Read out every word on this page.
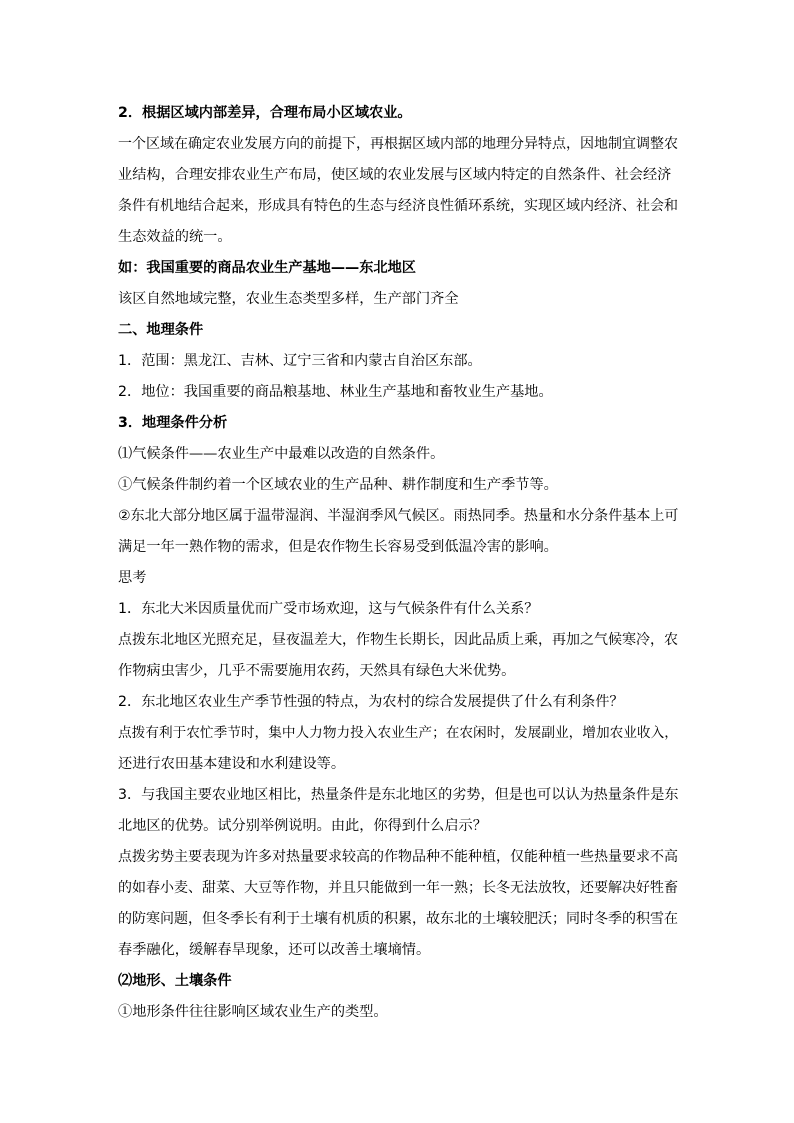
2．根据区域内部差异，合理布局小区域农业。
一个区域在确定农业发展方向的前提下，再根据区域内部的地理分异特点，因地制宜调整农
业结构，合理安排农业生产布局，使区域的农业发展与区域内特定的自然条件、社会经济
条件有机地结合起来，形成具有特色的生态与经济良性循环系统，实现区域内经济、社会和
生态效益的统一。
如：我国重要的商品农业生产基地——东北地区
该区自然地域完整，农业生态类型多样，生产部门齐全
二、地理条件
1．范围：黑龙江、吉林、辽宁三省和内蒙古自治区东部。
2．地位：我国重要的商品粮基地、林业生产基地和畜牧业生产基地。
3．地理条件分析
⑴气候条件——农业生产中最难以改造的自然条件。
①气候条件制约着一个区域农业的生产品种、耕作制度和生产季节等。
②东北大部分地区属于温带湿润、半湿润季风气候区。雨热同季。热量和水分条件基本上可
满足一年一熟作物的需求，但是农作物生长容易受到低温冷害的影响。
思考
1．东北大米因质量优而广受市场欢迎，这与气候条件有什么关系？
点拨东北地区光照充足，昼夜温差大，作物生长期长，因此品质上乘，再加之气候寒冷，农
作物病虫害少，几乎不需要施用农药，天然具有绿色大米优势。
2．东北地区农业生产季节性强的特点，为农村的综合发展提供了什么有利条件？
点拨有利于农忙季节时，集中人力物力投入农业生产；在农闲时，发展副业，增加农业收入，
还进行农田基本建设和水利建设等。
3．与我国主要农业地区相比，热量条件是东北地区的劣势，但是也可以认为热量条件是东
北地区的优势。试分别举例说明。由此，你得到什么启示？
点拨劣势主要表现为许多对热量要求较高的作物品种不能种植，仅能种植一些热量要求不高
的如春小麦、甜菜、大豆等作物，并且只能做到一年一熟；长冬无法放牧，还要解决好牲畜
的防寒问题，但冬季长有利于土壤有机质的积累，故东北的土壤较肥沃；同时冬季的积雪在
春季融化，缓解春旱现象，还可以改善土壤墒情。
⑵地形、土壤条件
①地形条件往往影响区域农业生产的类型。
